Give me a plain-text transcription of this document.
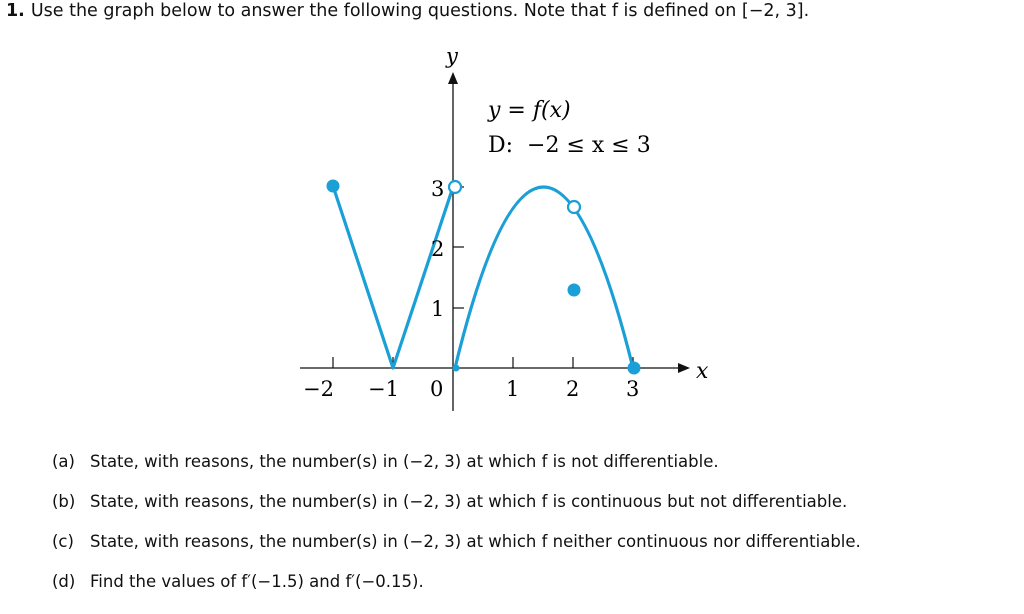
1. Use the graph below to answer the following questions. Note that f is defined on [−2, 3].
y
x
y = f(x)
D:  −2 ≤ x ≤ 3
−2 −1 0	1 2 3
1
2
3
(a) State, with reasons, the number(s) in (−2, 3) at which f is not differentiable.
(b) State, with reasons, the number(s) in (−2, 3) at which f is continuous but not differentiable.
(c) State, with reasons, the number(s) in (−2, 3) at which f neither continuous nor differentiable.
(d) Find the values of f′(−1.5) and f′(−0.15).
